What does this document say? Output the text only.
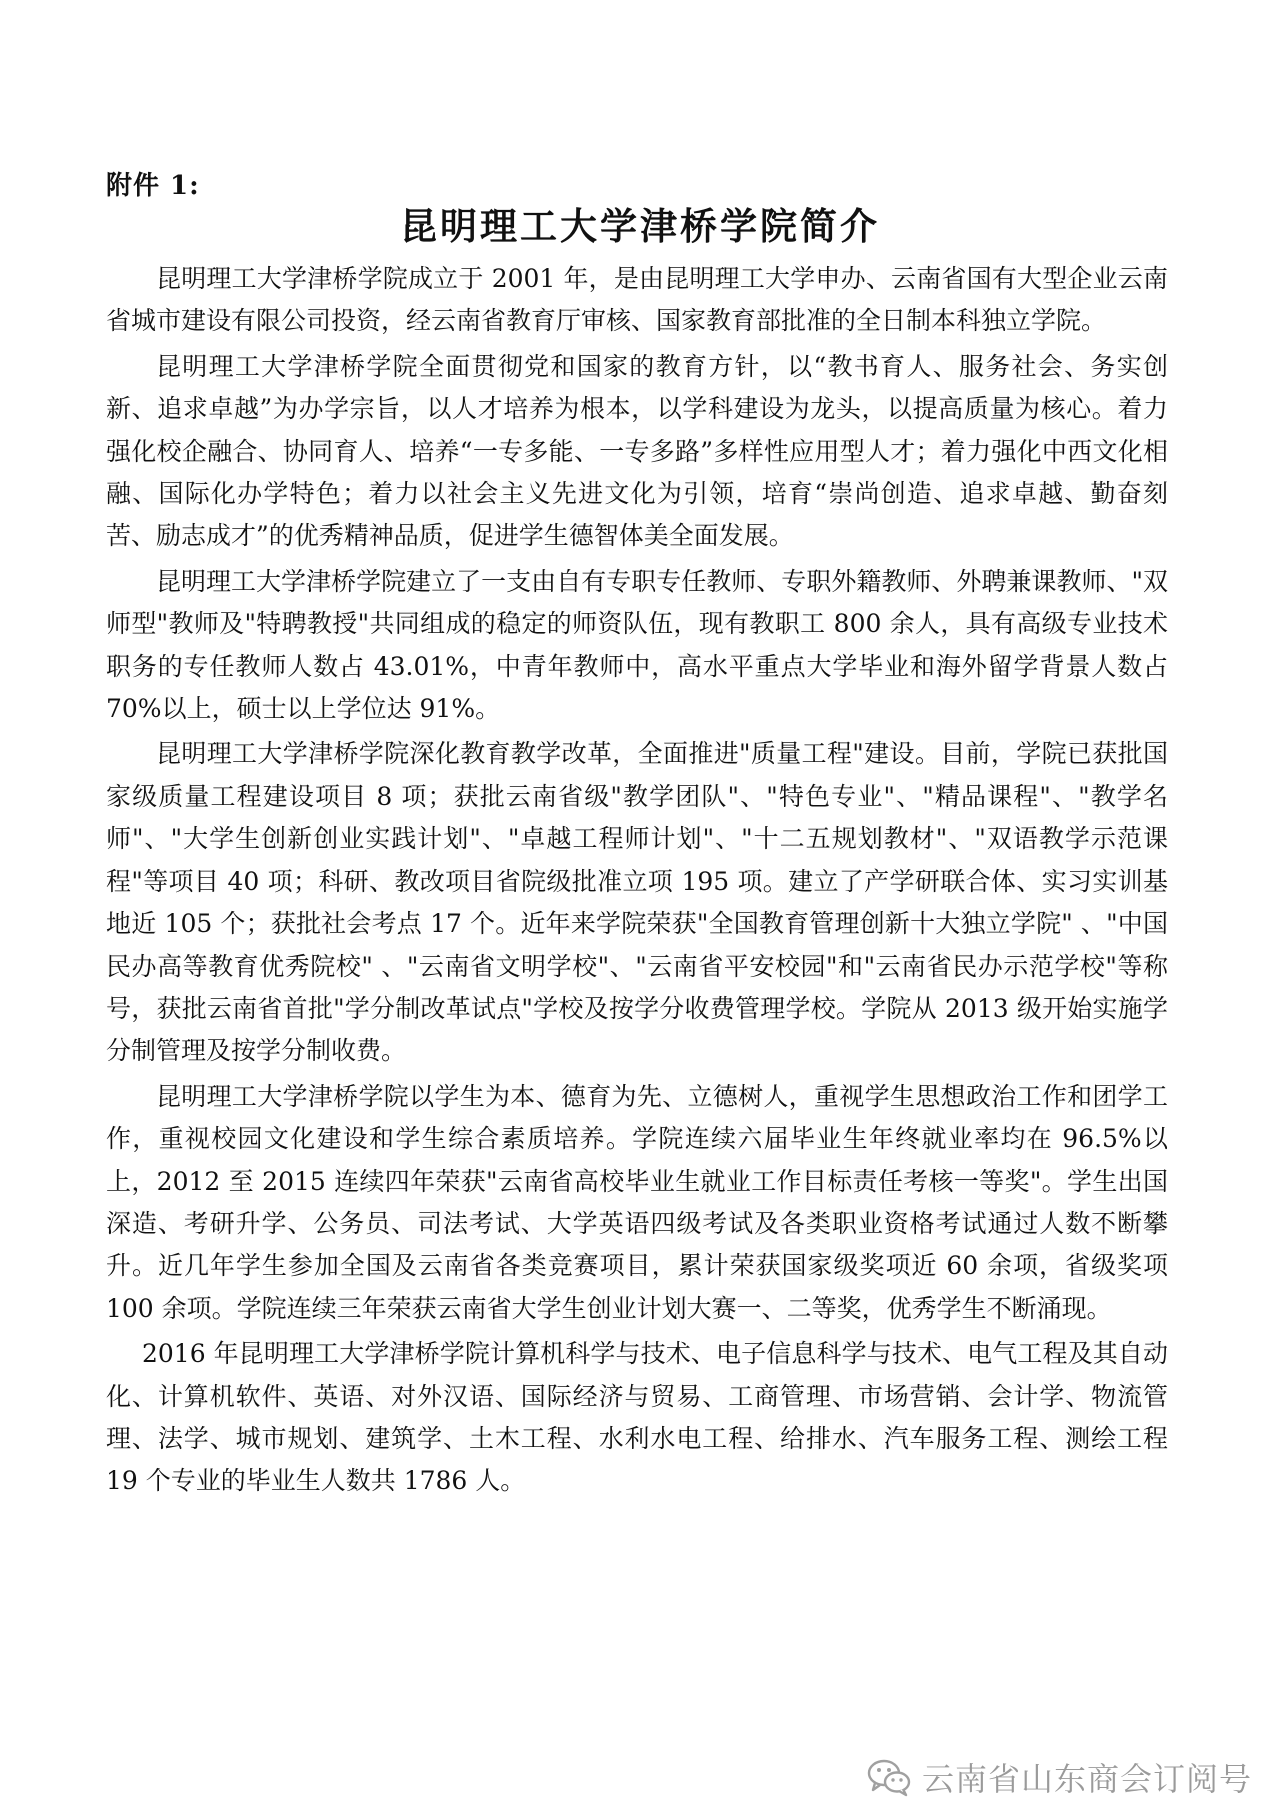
附件 1:
昆明理工大学津桥学院简介

昆明理工大学津桥学院成立于 2001 年，是由昆明理工大学申办、云南省国有大型企业云南省城市建设有限公司投资，经云南省教育厅审核、国家教育部批准的全日制本科独立学院。

昆明理工大学津桥学院全面贯彻党和国家的教育方针，以“教书育人、服务社会、务实创新、追求卓越”为办学宗旨，以人才培养为根本，以学科建设为龙头，以提高质量为核心。着力强化校企融合、协同育人、培养“一专多能、一专多路”多样性应用型人才；着力强化中西文化相融、国际化办学特色；着力以社会主义先进文化为引领，培育“崇尚创造、追求卓越、勤奋刻苦、励志成才”的优秀精神品质，促进学生德智体美全面发展。

昆明理工大学津桥学院建立了一支由自有专职专任教师、专职外籍教师、外聘兼课教师、"双师型"教师及"特聘教授"共同组成的稳定的师资队伍，现有教职工 800 余人，具有高级专业技术职务的专任教师人数占 43.01%，中青年教师中，高水平重点大学毕业和海外留学背景人数占 70%以上，硕士以上学位达 91%。

昆明理工大学津桥学院深化教育教学改革，全面推进"质量工程"建设。目前，学院已获批国家级质量工程建设项目 8 项；获批云南省级"教学团队"、"特色专业"、"精品课程"、"教学名师"、"大学生创新创业实践计划"、"卓越工程师计划"、"十二五规划教材"、"双语教学示范课程"等项目 40 项；科研、教改项目省院级批准立项 195 项。建立了产学研联合体、实习实训基地近 105 个；获批社会考点 17 个。近年来学院荣获"全国教育管理创新十大独立学院" 、"中国民办高等教育优秀院校" 、"云南省文明学校"、"云南省平安校园"和"云南省民办示范学校"等称号，获批云南省首批"学分制改革试点"学校及按学分收费管理学校。学院从 2013 级开始实施学分制管理及按学分制收费。

昆明理工大学津桥学院以学生为本、德育为先、立德树人，重视学生思想政治工作和团学工作，重视校园文化建设和学生综合素质培养。学院连续六届毕业生年终就业率均在 96.5%以上，2012 至 2015 连续四年荣获"云南省高校毕业生就业工作目标责任考核一等奖"。学生出国深造、考研升学、公务员、司法考试、大学英语四级考试及各类职业资格考试通过人数不断攀升。近几年学生参加全国及云南省各类竞赛项目，累计荣获国家级奖项近 60 余项，省级奖项 100 余项。学院连续三年荣获云南省大学生创业计划大赛一、二等奖，优秀学生不断涌现。

2016 年昆明理工大学津桥学院计算机科学与技术、电子信息科学与技术、电气工程及其自动化、计算机软件、英语、对外汉语、国际经济与贸易、工商管理、市场营销、会计学、物流管理、法学、城市规划、建筑学、土木工程、水利水电工程、给排水、汽车服务工程、测绘工程 19 个专业的毕业生人数共 1786 人。

云南省山东商会订阅号
